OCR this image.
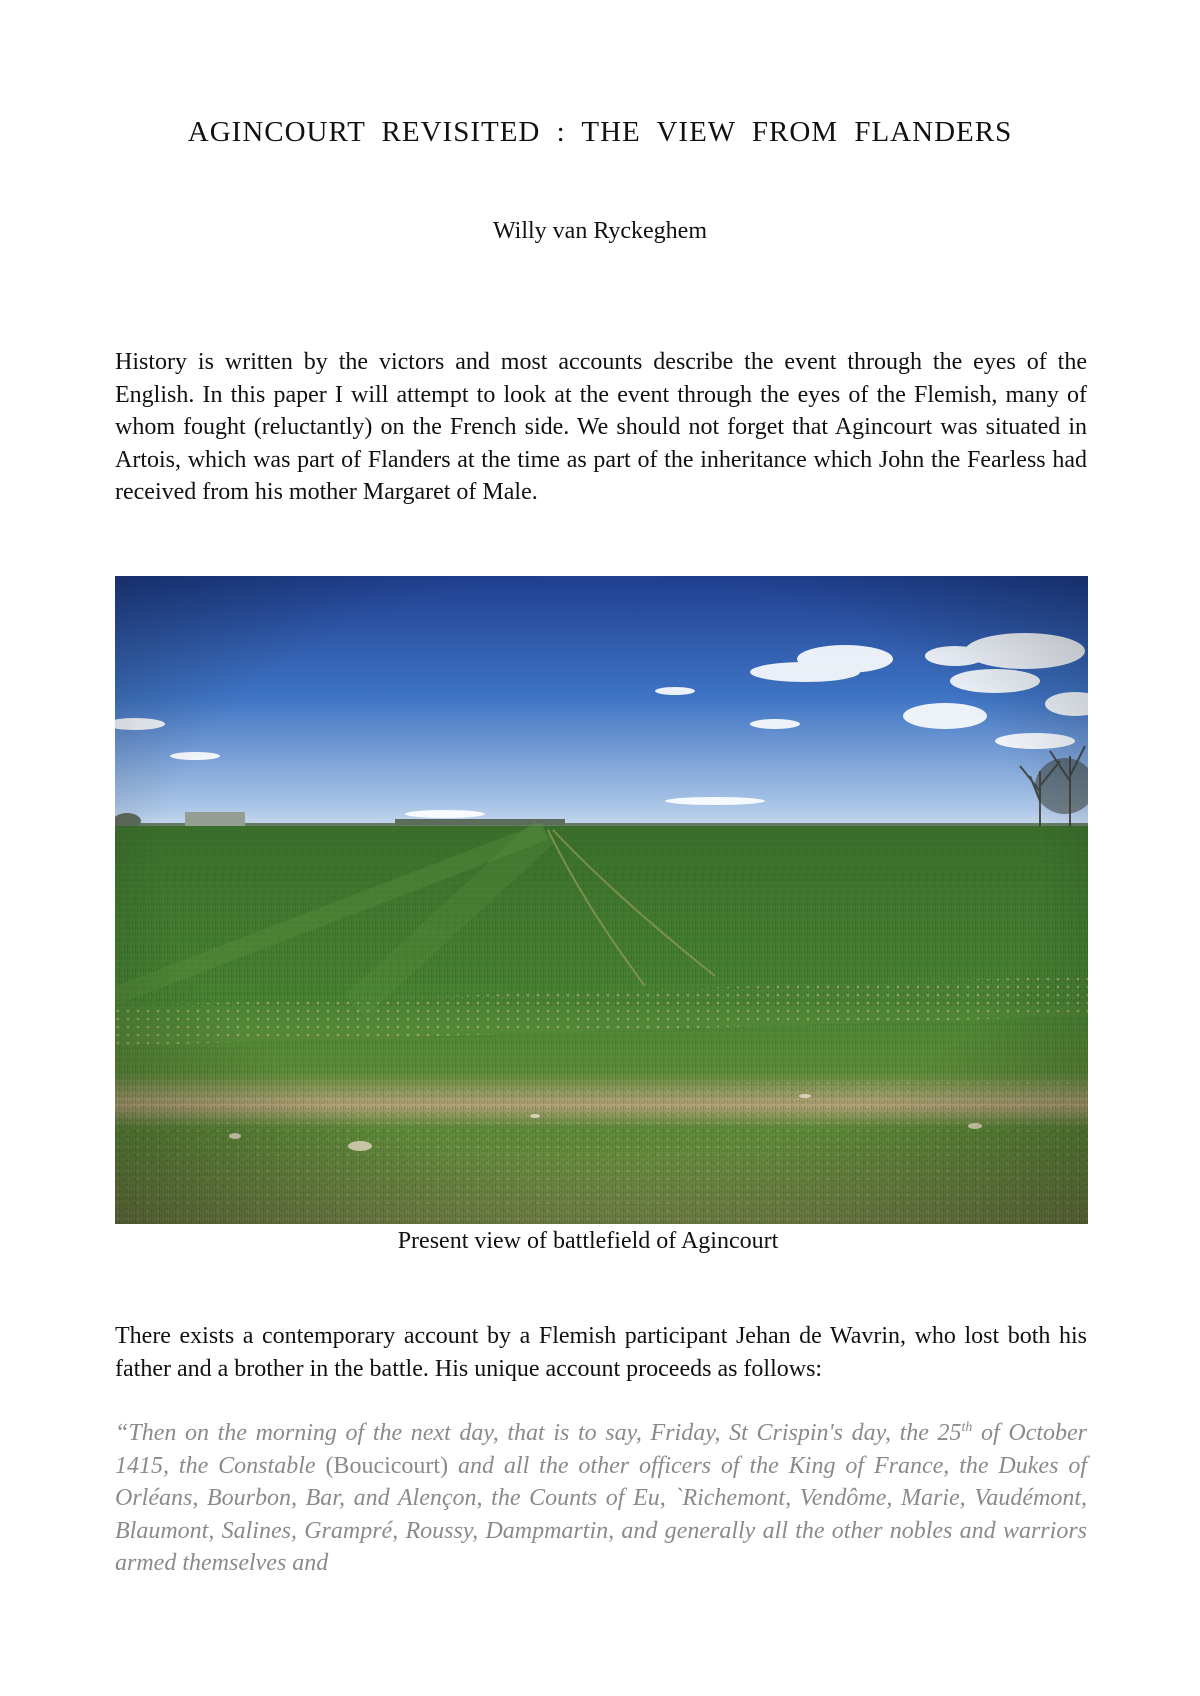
AGINCOURT REVISITED : THE VIEW FROM FLANDERS
Willy van Ryckeghem

History is written by the victors and most accounts describe the event through the eyes of the English. In this paper I will attempt to look at the event through the eyes of the Flemish, many of whom fought (reluctantly) on the French side. We should not forget that Agincourt was situated in Artois, which was part of Flanders at the time as part of the inheritance which John the Fearless had received from his mother Margaret of Male.

Present view of battlefield of Agincourt

There exists a contemporary account by a Flemish participant Jehan de Wavrin, who lost both his father and a brother in the battle. His unique account proceeds as follows:

“Then on the morning of the next day, that is to say, Friday, St Crispin's day, the 25th of October 1415, the Constable (Boucicourt) and all the other officers of the King of France, the Dukes of Orléans, Bourbon, Bar, and Alençon, the Counts of Eu, `Richemont, Vendôme, Marie, Vaudémont, Blaumont, Salines, Grampré, Roussy, Dampmartin, and generally all the other nobles and warriors armed themselves and
